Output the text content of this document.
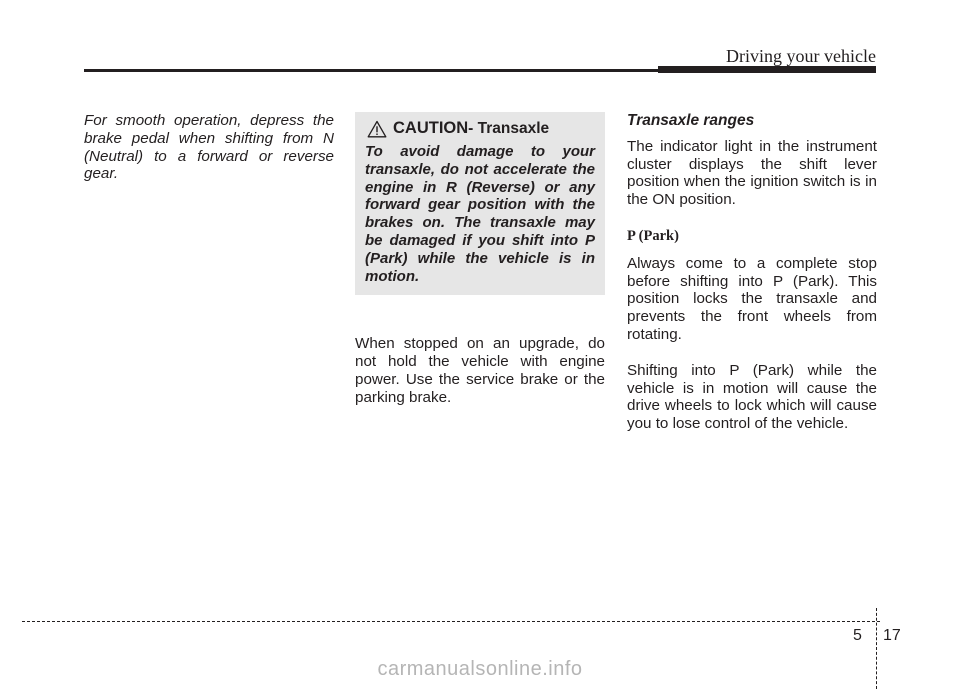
Driving your vehicle

For smooth operation, depress the brake pedal when shifting from N (Neutral) to a forward or reverse gear.

CAUTION - Transaxle

To avoid damage to your transaxle, do not accelerate the engine in R (Reverse) or any forward gear position with the brakes on. The transaxle may be damaged if you shift into P (Park) while the vehicle is in motion.

When stopped on an upgrade, do not hold the vehicle with engine power. Use the service brake or the parking brake.

Transaxle ranges

The indicator light in the instrument cluster displays the shift lever position when the ignition switch is in the ON position.

P (Park)

Always come to a complete stop before shifting into P (Park). This position locks the transaxle and prevents the front wheels from rotating.

Shifting into P (Park) while the vehicle is in motion will cause the drive wheels to lock which will cause you to lose control of the vehicle.

5 17
carmanualsonline.info
